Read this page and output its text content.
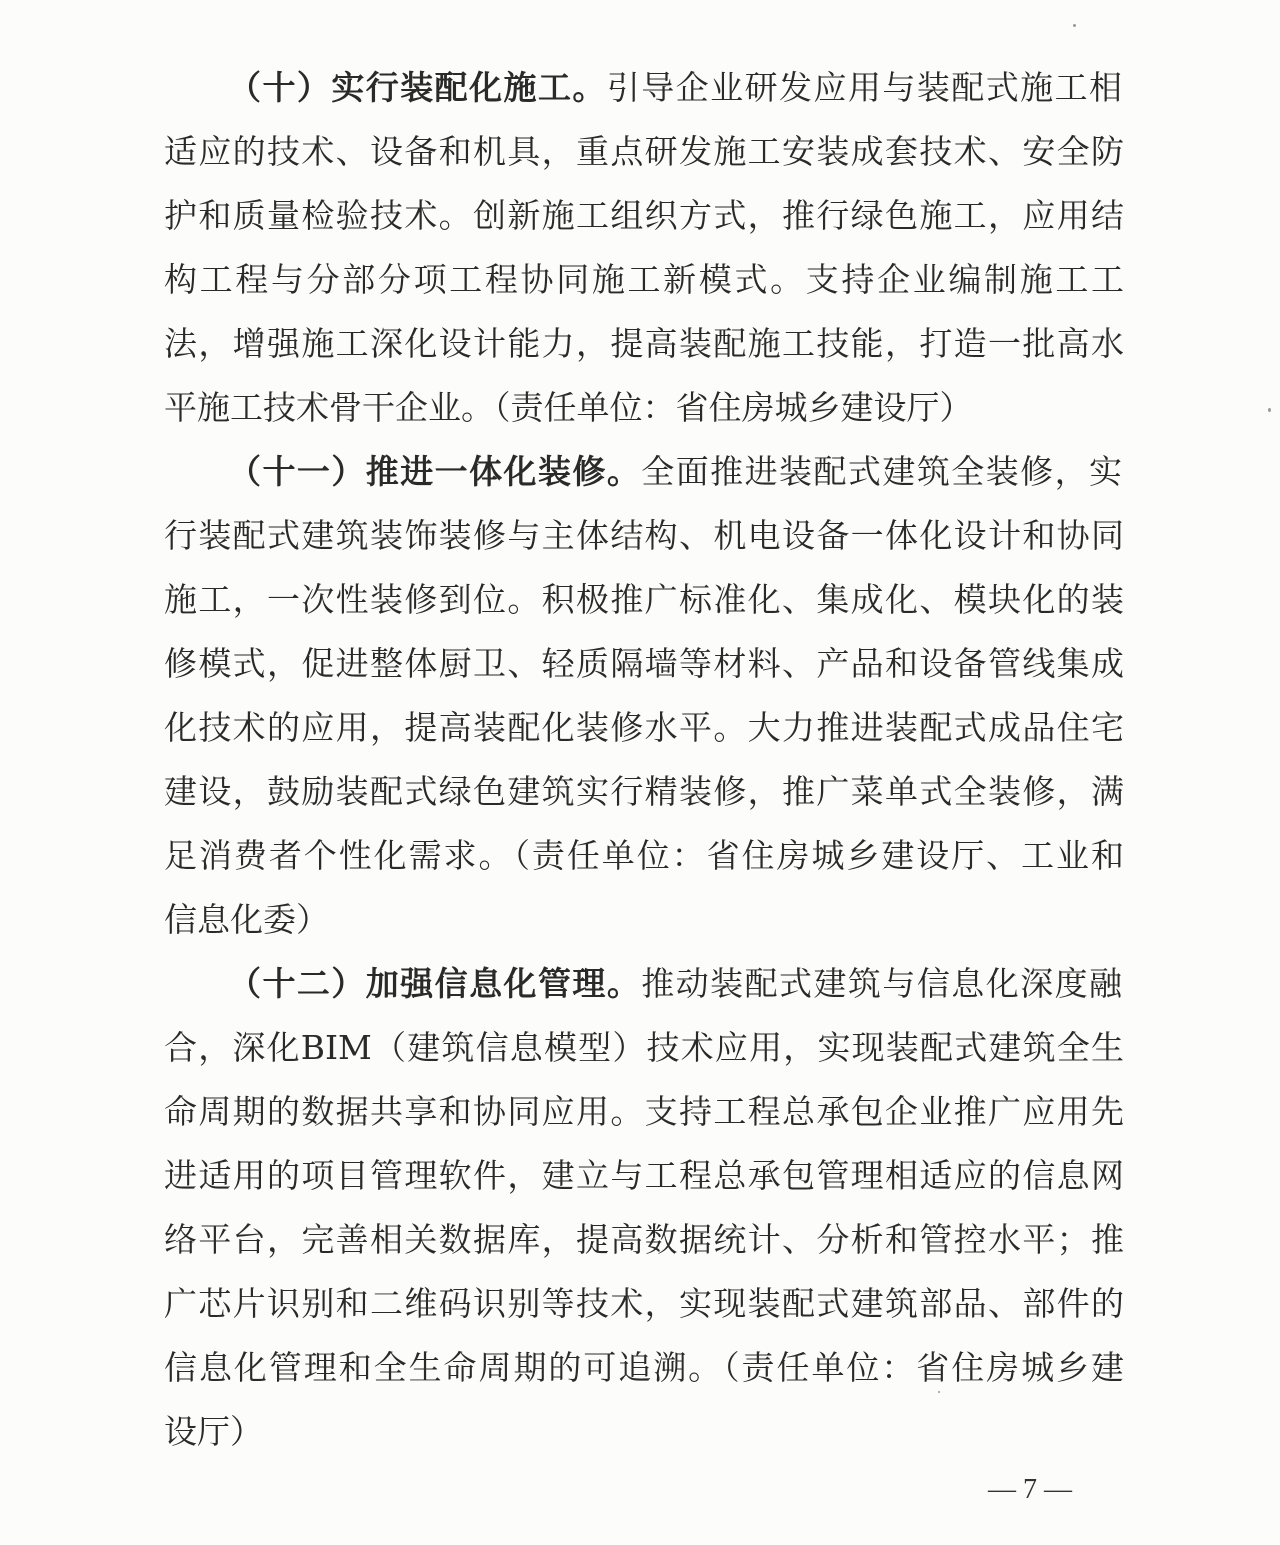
（十）实行装配化施工。引导企业研发应用与装配式施工相
适应的技术、设备和机具，重点研发施工安装成套技术、安全防
护和质量检验技术。创新施工组织方式，推行绿色施工，应用结
构工程与分部分项工程协同施工新模式。支持企业编制施工工
法，增强施工深化设计能力，提高装配施工技能，打造一批高水
平施工技术骨干企业。（责任单位：省住房城乡建设厅）
（十一）推进一体化装修。全面推进装配式建筑全装修，实
行装配式建筑装饰装修与主体结构、机电设备一体化设计和协同
施工，一次性装修到位。积极推广标准化、集成化、模块化的装
修模式，促进整体厨卫、轻质隔墙等材料、产品和设备管线集成
化技术的应用，提高装配化装修水平。大力推进装配式成品住宅
建设，鼓励装配式绿色建筑实行精装修，推广菜单式全装修，满
足消费者个性化需求。（责任单位：省住房城乡建设厅、工业和
信息化委）
（十二）加强信息化管理。推动装配式建筑与信息化深度融
合，深化BIM（建筑信息模型）技术应用，实现装配式建筑全生
命周期的数据共享和协同应用。支持工程总承包企业推广应用先
进适用的项目管理软件，建立与工程总承包管理相适应的信息网
络平台，完善相关数据库，提高数据统计、分析和管控水平；推
广芯片识别和二维码识别等技术，实现装配式建筑部品、部件的
信息化管理和全生命周期的可追溯。（责任单位：省住房城乡建
设厅）
— 7 —
